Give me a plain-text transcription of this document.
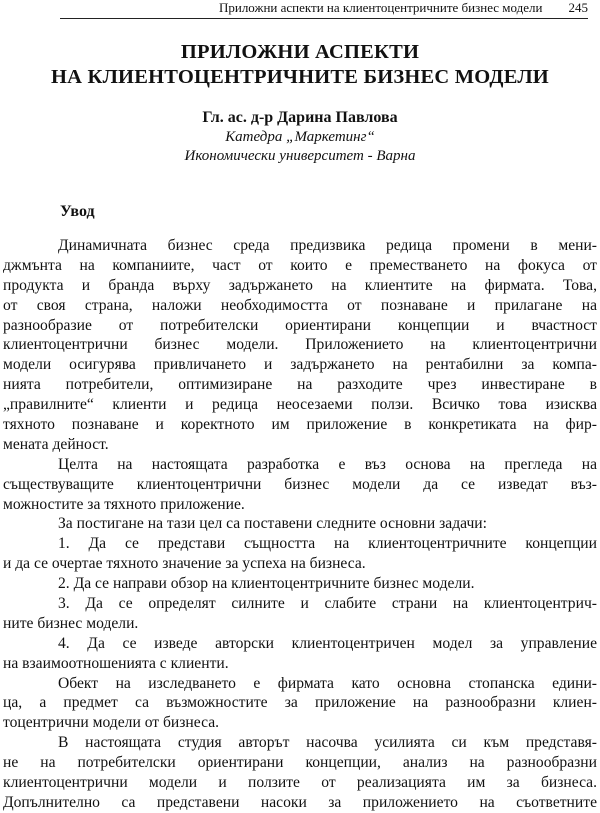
Приложни аспекти на клиентоцентричните бизнес модели 245
ПРИЛОЖНИ АСПЕКТИ
НА КЛИЕНТОЦЕНТРИЧНИТЕ БИЗНЕС МОДЕЛИ
Гл. ас. д-р Дарина Павлова
Катедра „Маркетинг“
Икономически университет - Варна
Увод
Динамичната бизнес среда предизвика редица промени в мени-
джмънта на компаниите, част от които е преместването на фокуса от
продукта и бранда върху задържането на клиентите на фирмата. Това,
от своя страна, наложи необходимостта от познаване и прилагане на
разнообразие от потребителски ориентирани концепции и вчастност
клиентоцентрични бизнес модели. Приложението на клиентоцентрични
модели осигурява привличането и задържането на рентабилни за компа-
нията потребители, оптимизиране на разходите чрез инвестиране в
„правилните“ клиенти и редица неосезаеми ползи. Всичко това изисква
тяхното познаване и коректното им приложение в конкретиката на фир-
мената дейност.
Целта на настоящата разработка е въз основа на прегледа на
съществуващите клиентоцентрични бизнес модели да се изведат въз-
можностите за тяхното приложение.
За постигане на тази цел са поставени следните основни задачи:
1. Да се представи същността на клиентоцентричните концепции
и да се очертае тяхното значение за успеха на бизнеса.
2. Да се направи обзор на клиентоцентричните бизнес модели.
3. Да се определят силните и слабите страни на клиентоцентрич-
ните бизнес модели.
4. Да се изведе авторски клиентоцентричен модел за управление
на взаимоотношенията с клиенти.
Обект на изследването е фирмата като основна стопанска едини-
ца, а предмет са възможностите за приложение на разнообразни клиен-
тоцентрични модели от бизнеса.
В настоящата студия авторът насочва усилията си към представя-
не на потребителски ориентирани концепции, анализ на разнообразни
клиентоцентрични модели и ползите от реализацията им за бизнеса.
Допълнително са представени насоки за приложението на съответните
